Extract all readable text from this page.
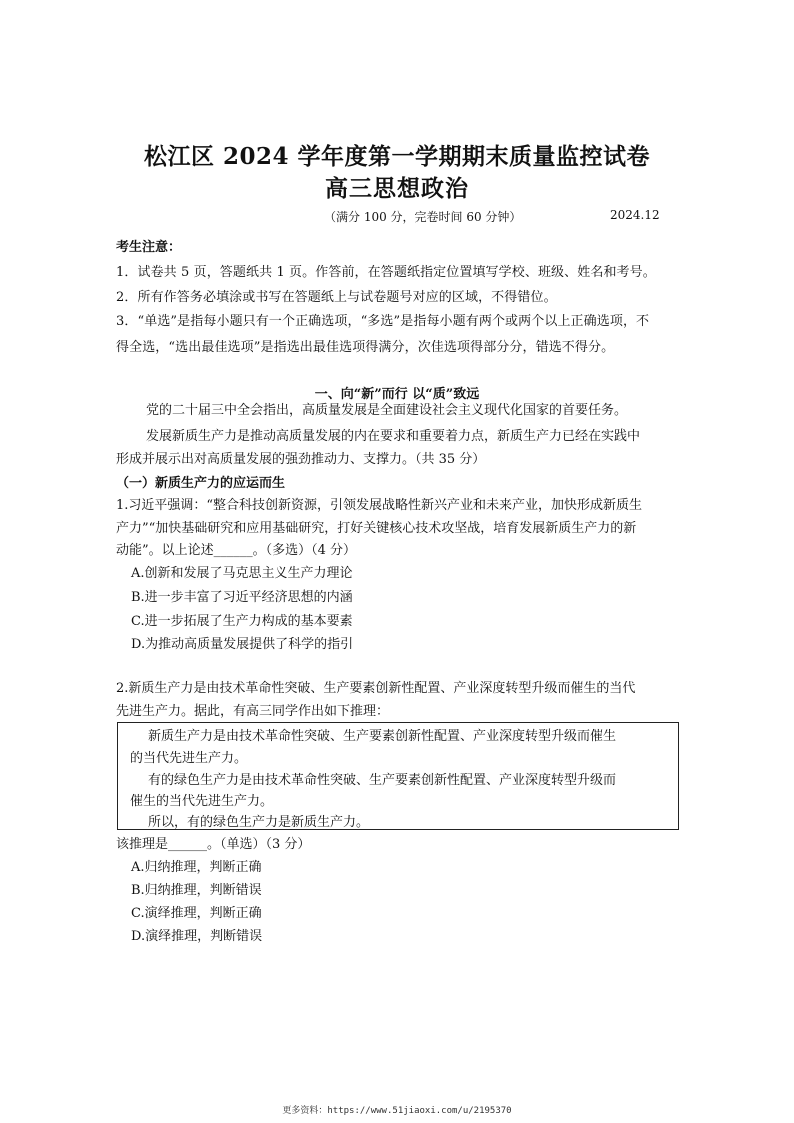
松江区 2024 学年度第一学期期末质量监控试卷
高三思想政治
（满分 100 分，完卷时间 60 分钟）	2024.12
考生注意：
1．试卷共 5 页，答题纸共 1 页。作答前，在答题纸指定位置填写学校、班级、姓名和考号。
2．所有作答务必填涂或书写在答题纸上与试卷题号对应的区域，不得错位。
3．“单选”是指每小题只有一个正确选项，“多选”是指每小题有两个或两个以上正确选项，不
得全选，“选出最佳选项”是指选出最佳选项得满分，次佳选项得部分分，错选不得分。
一、向“新”而行 以“质”致远
党的二十届三中全会指出，高质量发展是全面建设社会主义现代化国家的首要任务。
发展新质生产力是推动高质量发展的内在要求和重要着力点，新质生产力已经在实践中
形成并展示出对高质量发展的强劲推动力、支撑力。（共 35 分）
（一）新质生产力的应运而生
1.习近平强调：“整合科技创新资源，引领发展战略性新兴产业和未来产业，加快形成新质生
产力”“加快基础研究和应用基础研究，打好关键核心技术攻坚战，培育发展新质生产力的新
动能”。以上论述______。（多选）（4 分）
A.创新和发展了马克思主义生产力理论
B.进一步丰富了习近平经济思想的内涵
C.进一步拓展了生产力构成的基本要素
D.为推动高质量发展提供了科学的指引
2.新质生产力是由技术革命性突破、生产要素创新性配置、产业深度转型升级而催生的当代
先进生产力。据此，有高三同学作出如下推理：
新质生产力是由技术革命性突破、生产要素创新性配置、产业深度转型升级而催生
的当代先进生产力。
有的绿色生产力是由技术革命性突破、生产要素创新性配置、产业深度转型升级而
催生的当代先进生产力。
所以，有的绿色生产力是新质生产力。
该推理是______。（单选）（3 分）
A.归纳推理，判断正确
B.归纳推理，判断错误
C.演绎推理，判断正确
D.演绎推理，判断错误
更多资料：https://www.51jiaoxi.com/u/2195370
